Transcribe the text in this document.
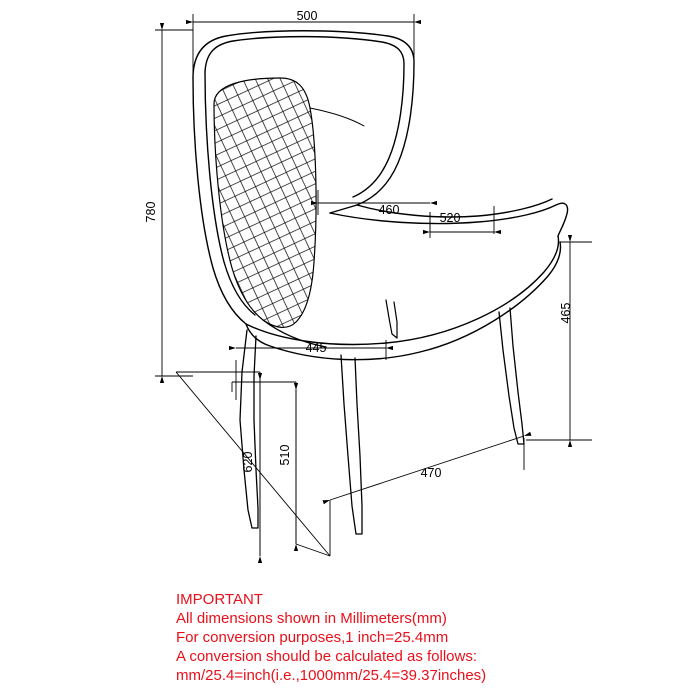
500
780	460
520
465
445
620 510
470
IMPORTANT
All dimensions shown in Millimeters(mm)
For conversion purposes,1 inch=25.4mm
A conversion should be calculated as follows:
mm/25.4=inch(i.e.,1000mm/25.4=39.37inches)
